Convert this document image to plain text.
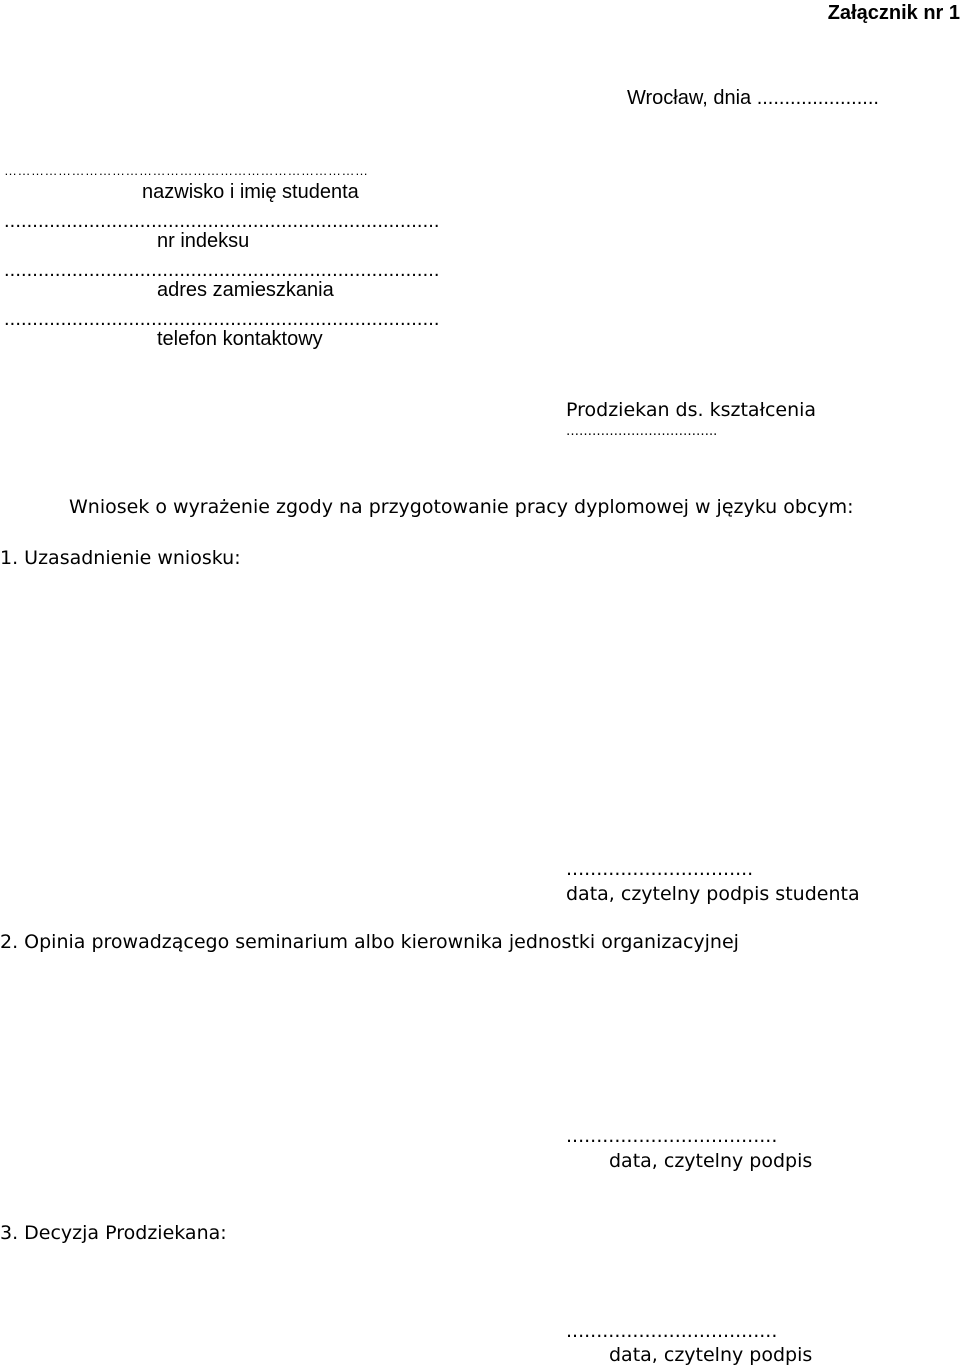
Załącznik nr 1

Wrocław, dnia ......................

………………………………………………………………………

nazwisko i imię studenta

.............................................................................

nr indeksu

.............................................................................

adres zamieszkania

.............................................................................

telefon kontaktowy

Prodziekan ds. kształcenia

……………………………..

Wniosek o wyrażenie zgody na przygotowanie pracy dyplomowej w języku obcym:

1. Uzasadnienie wniosku:

...............................

data, czytelny podpis studenta

2. Opinia prowadzącego seminarium albo kierownika jednostki organizacyjnej

...................................

data, czytelny podpis

3. Decyzja Prodziekana:

...................................

data, czytelny podpis
